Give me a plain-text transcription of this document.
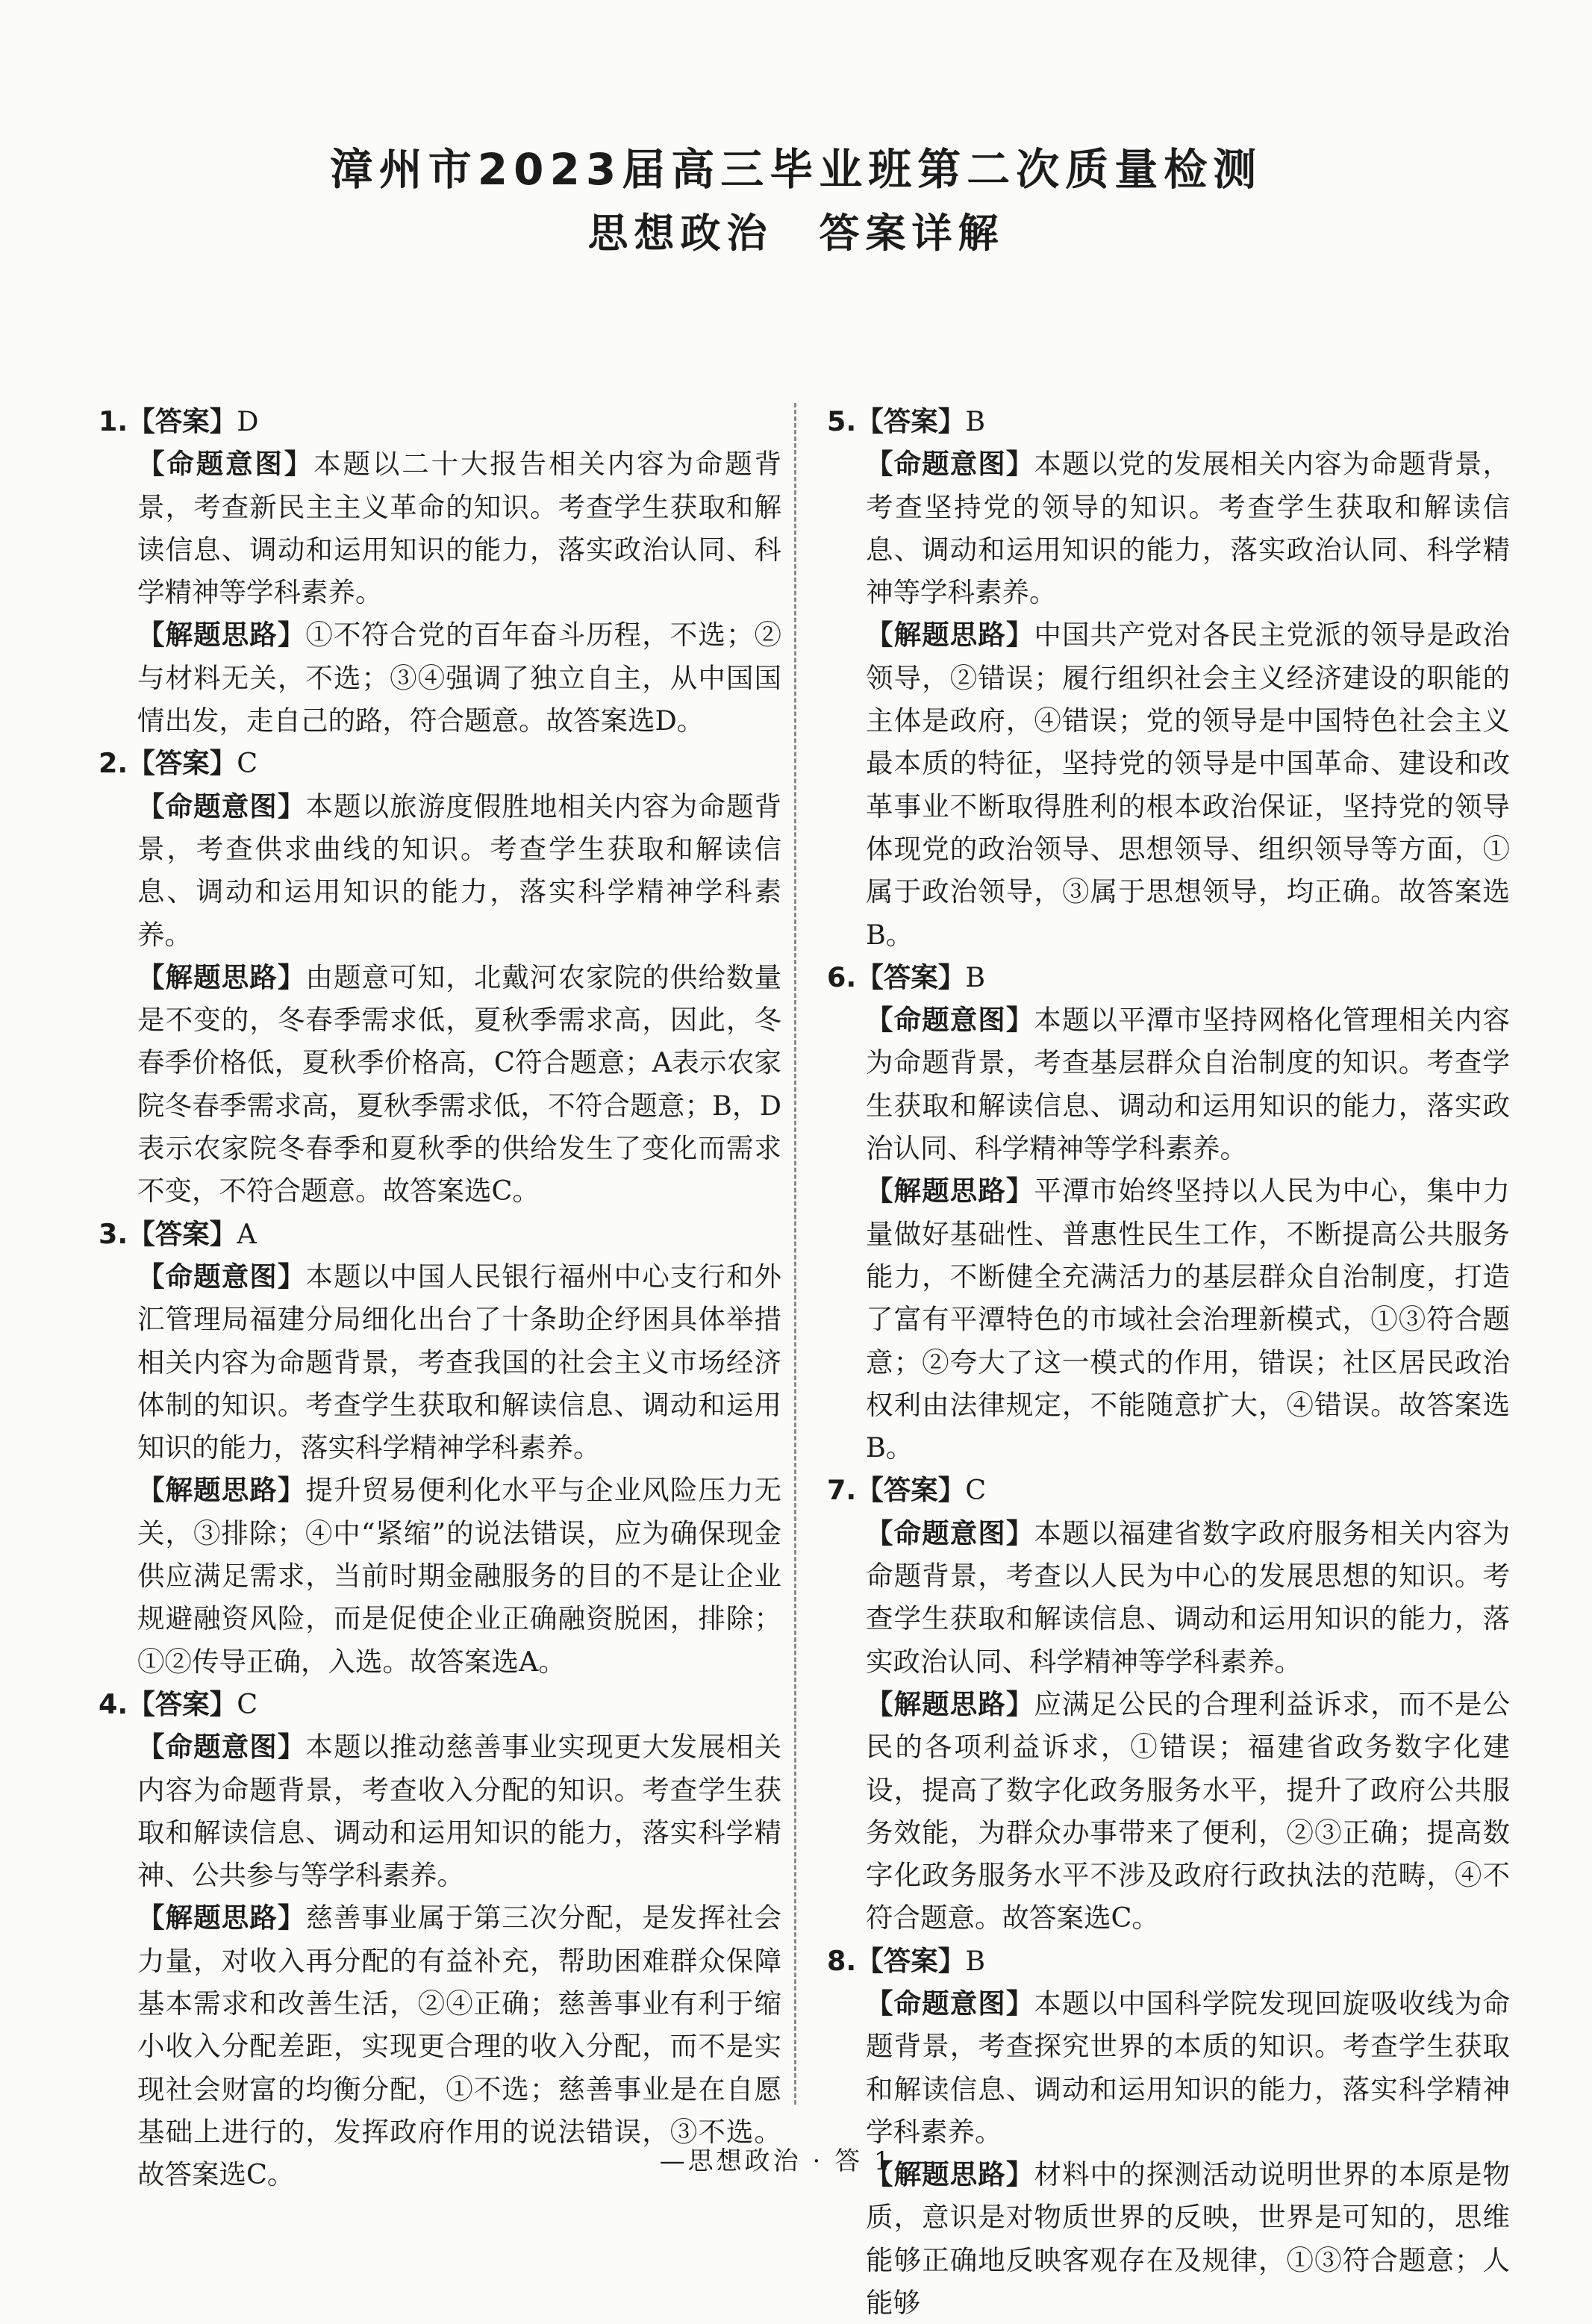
漳州市2023届高三毕业班第二次质量检测
思想政治　答案详解

1.【答案】D

【命题意图】本题以二十大报告相关内容为命题背景，考查新民主主义革命的知识。考查学生获取和解读信息、调动和运用知识的能力，落实政治认同、科学精神等学科素养。

【解题思路】①不符合党的百年奋斗历程，不选；②与材料无关，不选；③④强调了独立自主，从中国国情出发，走自己的路，符合题意。故答案选D。

2.【答案】C

【命题意图】本题以旅游度假胜地相关内容为命题背景，考查供求曲线的知识。考查学生获取和解读信息、调动和运用知识的能力，落实科学精神学科素养。

【解题思路】由题意可知，北戴河农家院的供给数量是不变的，冬春季需求低，夏秋季需求高，因此，冬春季价格低，夏秋季价格高，C符合题意；A表示农家院冬春季需求高，夏秋季需求低，不符合题意；B，D表示农家院冬春季和夏秋季的供给发生了变化而需求不变，不符合题意。故答案选C。

3.【答案】A

【命题意图】本题以中国人民银行福州中心支行和外汇管理局福建分局细化出台了十条助企纾困具体举措相关内容为命题背景，考查我国的社会主义市场经济体制的知识。考查学生获取和解读信息、调动和运用知识的能力，落实科学精神学科素养。

【解题思路】提升贸易便利化水平与企业风险压力无关，③排除；④中“紧缩”的说法错误，应为确保现金供应满足需求，当前时期金融服务的目的不是让企业规避融资风险，而是促使企业正确融资脱困，排除；①②传导正确，入选。故答案选A。

4.【答案】C

【命题意图】本题以推动慈善事业实现更大发展相关内容为命题背景，考查收入分配的知识。考查学生获取和解读信息、调动和运用知识的能力，落实科学精神、公共参与等学科素养。

【解题思路】慈善事业属于第三次分配，是发挥社会力量，对收入再分配的有益补充，帮助困难群众保障基本需求和改善生活，②④正确；慈善事业有利于缩小收入分配差距，实现更合理的收入分配，而不是实现社会财富的均衡分配，①不选；慈善事业是在自愿基础上进行的，发挥政府作用的说法错误，③不选。故答案选C。

5.【答案】B

【命题意图】本题以党的发展相关内容为命题背景，考查坚持党的领导的知识。考查学生获取和解读信息、调动和运用知识的能力，落实政治认同、科学精神等学科素养。

【解题思路】中国共产党对各民主党派的领导是政治领导，②错误；履行组织社会主义经济建设的职能的主体是政府，④错误；党的领导是中国特色社会主义最本质的特征，坚持党的领导是中国革命、建设和改革事业不断取得胜利的根本政治保证，坚持党的领导体现党的政治领导、思想领导、组织领导等方面，①属于政治领导，③属于思想领导，均正确。故答案选B。

6.【答案】B

【命题意图】本题以平潭市坚持网格化管理相关内容为命题背景，考查基层群众自治制度的知识。考查学生获取和解读信息、调动和运用知识的能力，落实政治认同、科学精神等学科素养。

【解题思路】平潭市始终坚持以人民为中心，集中力量做好基础性、普惠性民生工作，不断提高公共服务能力，不断健全充满活力的基层群众自治制度，打造了富有平潭特色的市域社会治理新模式，①③符合题意；②夸大了这一模式的作用，错误；社区居民政治权利由法律规定，不能随意扩大，④错误。故答案选B。

7.【答案】C

【命题意图】本题以福建省数字政府服务相关内容为命题背景，考查以人民为中心的发展思想的知识。考查学生获取和解读信息、调动和运用知识的能力，落实政治认同、科学精神等学科素养。

【解题思路】应满足公民的合理利益诉求，而不是公民的各项利益诉求，①错误；福建省政务数字化建设，提高了数字化政务服务水平，提升了政府公共服务效能，为群众办事带来了便利，②③正确；提高数字化政务服务水平不涉及政府行政执法的范畴，④不符合题意。故答案选C。

8.【答案】B

【命题意图】本题以中国科学院发现回旋吸收线为命题背景，考查探究世界的本质的知识。考查学生获取和解读信息、调动和运用知识的能力，落实科学精神学科素养。

【解题思路】材料中的探测活动说明世界的本原是物质，意识是对物质世界的反映，世界是可知的，思维能够正确地反映客观存在及规律，①③符合题意；人能够

—思想政治 · 答 1 —
